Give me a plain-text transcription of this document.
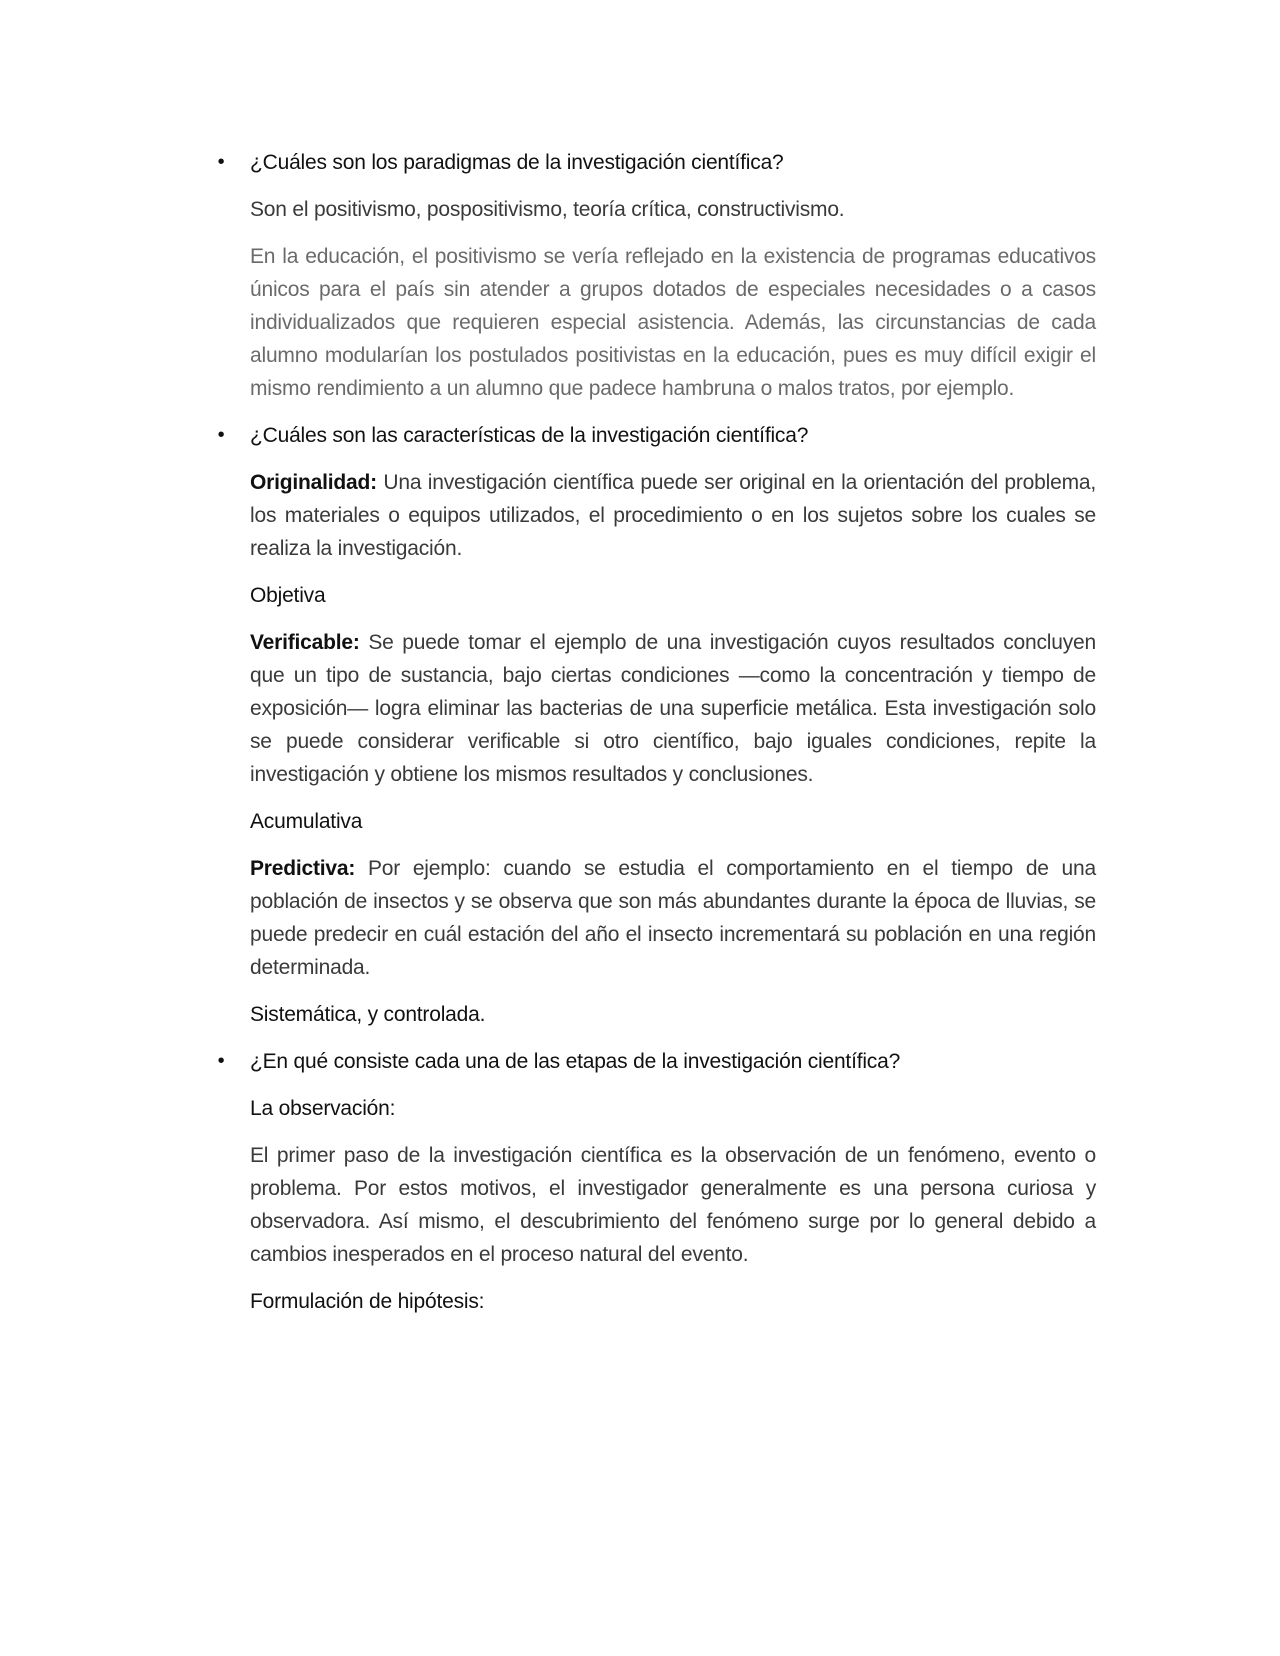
• ¿Cuáles son los paradigmas de la investigación científica?

Son el positivismo, pospositivismo, teoría crítica, constructivismo.

En la educación, el positivismo se vería reflejado en la existencia de programas educativos únicos para el país sin atender a grupos dotados de especiales necesidades o a casos individualizados que requieren especial asistencia. Además, las circunstancias de cada alumno modularían los postulados positivistas en la educación, pues es muy difícil exigir el mismo rendimiento a un alumno que padece hambruna o malos tratos, por ejemplo.

• ¿Cuáles son las características de la investigación científica?

Originalidad: Una investigación científica puede ser original en la orientación del problema, los materiales o equipos utilizados, el procedimiento o en los sujetos sobre los cuales se realiza la investigación.

Objetiva

Verificable: Se puede tomar el ejemplo de una investigación cuyos resultados concluyen que un tipo de sustancia, bajo ciertas condiciones —como la concentración y tiempo de exposición— logra eliminar las bacterias de una superficie metálica. Esta investigación solo se puede considerar verificable si otro científico, bajo iguales condiciones, repite la investigación y obtiene los mismos resultados y conclusiones.

Acumulativa

Predictiva: Por ejemplo: cuando se estudia el comportamiento en el tiempo de una población de insectos y se observa que son más abundantes durante la época de lluvias, se puede predecir en cuál estación del año el insecto incrementará su población en una región determinada.

Sistemática, y controlada.
• ¿En qué consiste cada una de las etapas de la investigación científica?
La observación:

El primer paso de la investigación científica es la observación de un fenómeno, evento o problema. Por estos motivos, el investigador generalmente es una persona curiosa y observadora. Así mismo, el descubrimiento del fenómeno surge por lo general debido a cambios inesperados en el proceso natural del evento.

Formulación de hipótesis:
